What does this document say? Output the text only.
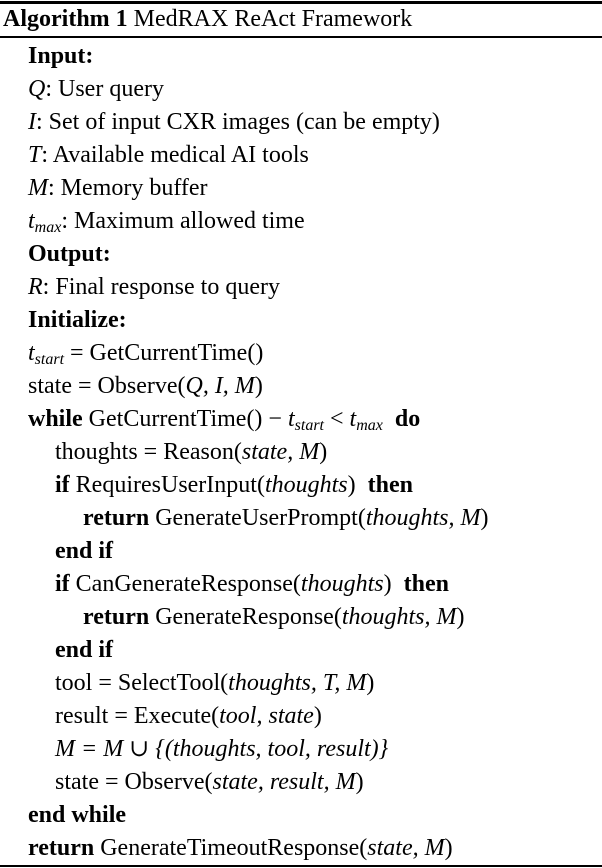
Algorithm 1 MedRAX ReAct Framework
Input:
Q: User query
I: Set of input CXR images (can be empty)
T: Available medical AI tools
M: Memory buffer
$t_{max}$: Maximum allowed time
Output:
R: Final response to query
Initialize:
$t_{start}$ = GetCurrentTime()
state = Observe(Q, I, M)
while GetCurrentTime() − $t_{start} < t_{max}$ do
thoughts = Reason(state, M)
if RequiresUserInput(thoughts) then
return GenerateUserPrompt(thoughts, M)
end if
if CanGenerateResponse(thoughts) then
return GenerateResponse(thoughts, M)
end if
tool = SelectTool(thoughts, T, M)
result = Execute(tool, state)
M = M ∪ {(thoughts, tool, result)}
state = Observe(state, result, M)
end while
return GenerateTimeoutResponse(state, M)
